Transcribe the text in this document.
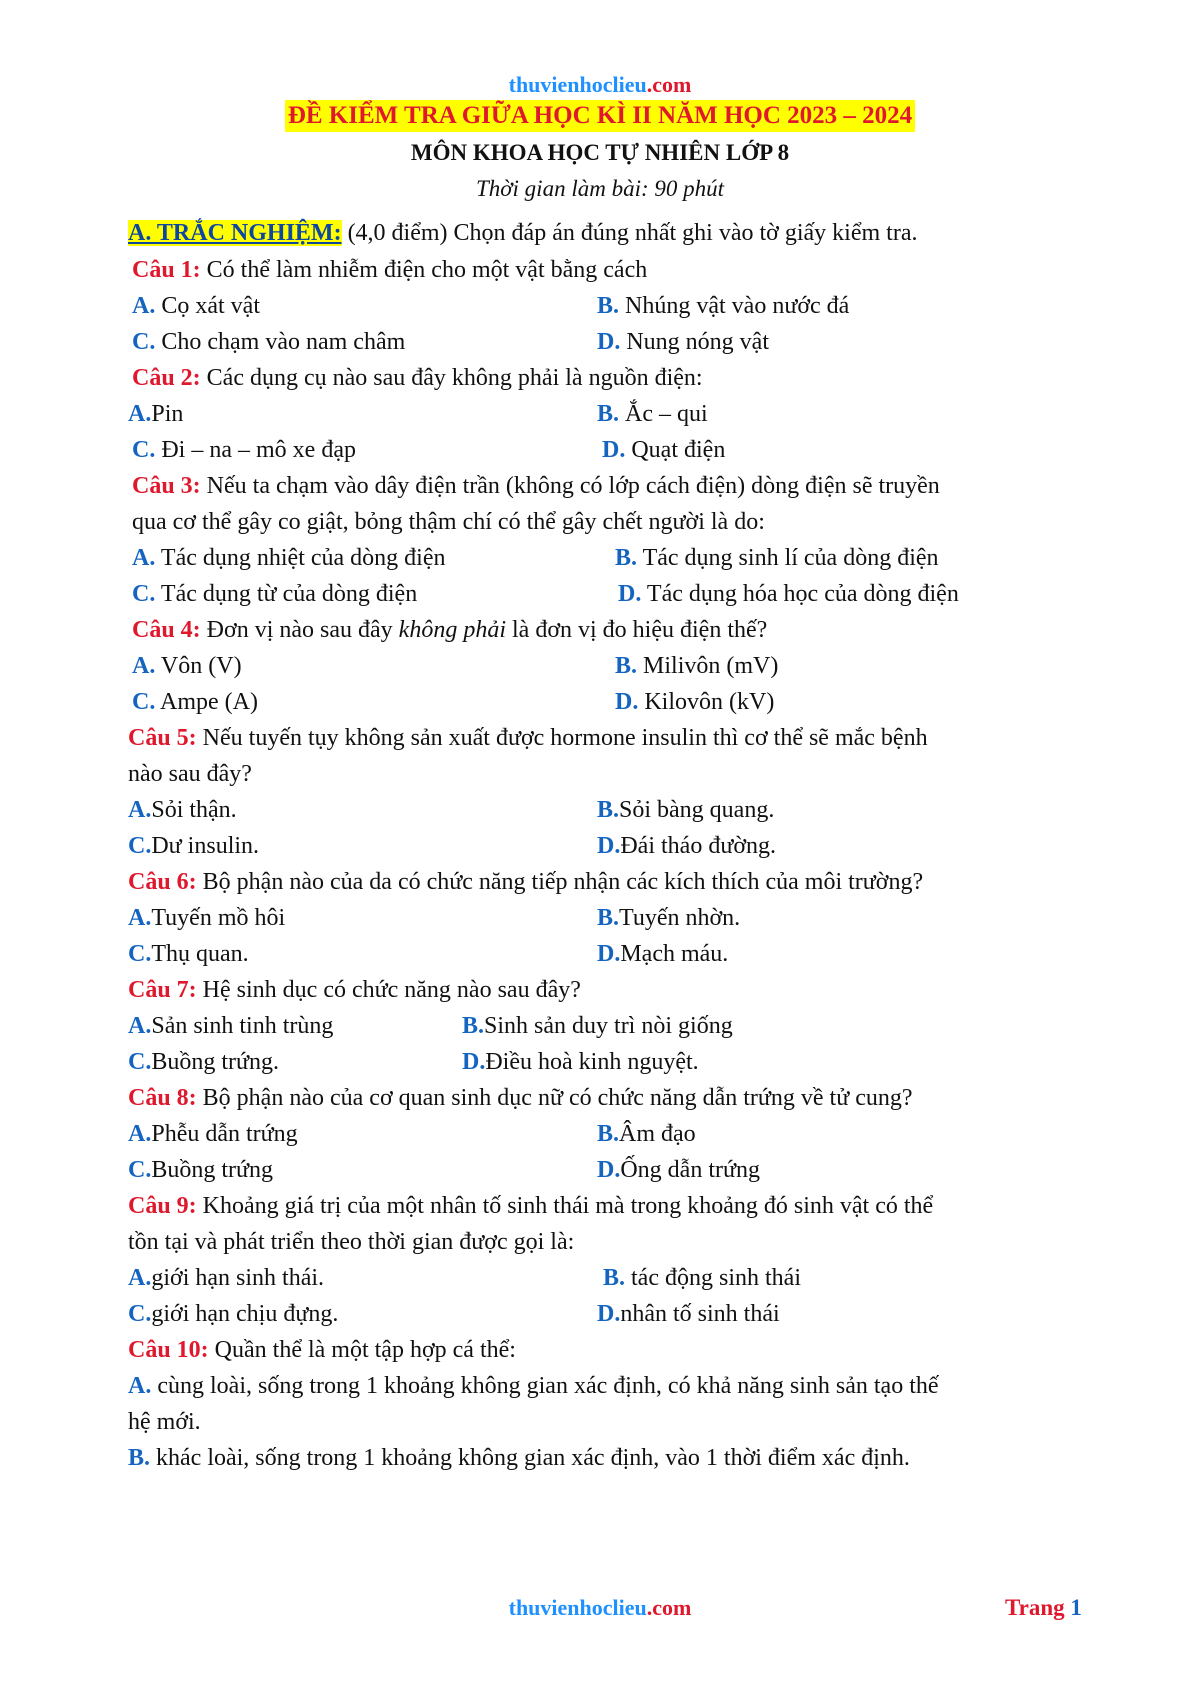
thuvienhoclieu.com
ĐỀ KIỂM TRA GIỮA HỌC KÌ II NĂM HỌC 2023 – 2024
MÔN KHOA HỌC TỰ NHIÊN LỚP 8
Thời gian làm bài: 90 phút
A. TRẮC NGHIỆM: (4,0 điểm) Chọn đáp án đúng nhất ghi vào tờ giấy kiểm tra.
Câu 1: Có thể làm nhiễm điện cho một vật bằng cách
A. Cọ xát vật	B. Nhúng vật vào nước đá
C. Cho chạm vào nam châm	D. Nung nóng vật
Câu 2: Các dụng cụ nào sau đây không phải là nguồn điện:
A.Pin	B. Ắc – qui
C. Đi – na – mô xe đạp	D. Quạt điện
Câu 3: Nếu ta chạm vào dây điện trần (không có lớp cách điện) dòng điện sẽ truyền
qua cơ thể gây co giật, bỏng thậm chí có thể gây chết người là do:
A. Tác dụng nhiệt của dòng điện	B. Tác dụng sinh lí của dòng điện
C. Tác dụng từ của dòng điện	D. Tác dụng hóa học của dòng điện
Câu 4: Đơn vị nào sau đây không phải là đơn vị đo hiệu điện thế?
A. Vôn (V)	B. Milivôn (mV)
C. Ampe (A)	D. Kilovôn (kV)
Câu 5: Nếu tuyến tụy không sản xuất được hormone insulin thì cơ thể sẽ mắc bệnh
nào sau đây?
A.Sỏi thận.	B.Sỏi bàng quang.
C.Dư insulin.	D.Đái tháo đường.
Câu 6: Bộ phận nào của da có chức năng tiếp nhận các kích thích của môi trường?
A.Tuyến mồ hôi	B.Tuyến nhờn.
C.Thụ quan.	D.Mạch máu.
Câu 7: Hệ sinh dục có chức năng nào sau đây?
A.Sản sinh tinh trùng	B.Sinh sản duy trì nòi giống
C.Buồng trứng.	D.Điều hoà kinh nguyệt.
Câu 8: Bộ phận nào của cơ quan sinh dục nữ có chức năng dẫn trứng về tử cung?
A.Phễu dẫn trứng	B.Âm đạo
C.Buồng trứng	D.Ống dẫn trứng
Câu 9: Khoảng giá trị của một nhân tố sinh thái mà trong khoảng đó sinh vật có thể
tồn tại và phát triển theo thời gian được gọi là:
A.giới hạn sinh thái.	B. tác động sinh thái
C.giới hạn chịu đựng.	D.nhân tố sinh thái
Câu 10: Quần thể là một tập hợp cá thể:
A. cùng loài, sống trong 1 khoảng không gian xác định, có khả năng sinh sản tạo thế
hệ mới.
B. khác loài, sống trong 1 khoảng không gian xác định, vào 1 thời điểm xác định.
thuvienhoclieu.com	Trang 1
